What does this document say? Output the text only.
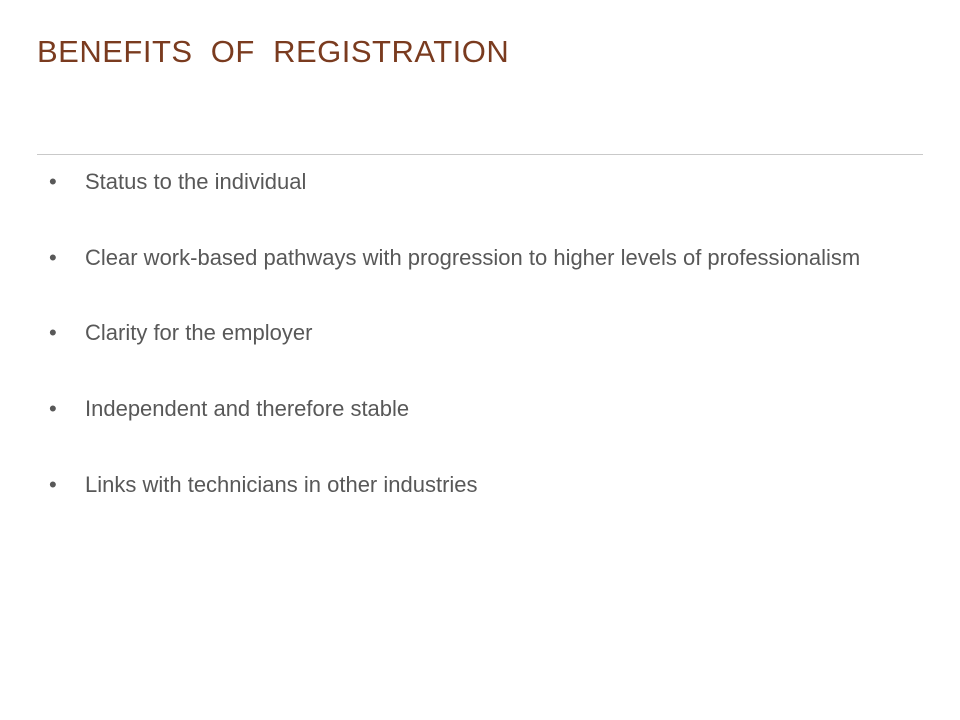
BENEFITS  OF  REGISTRATION
•	Status to the individual
•	Clear work-based pathways with progression to higher levels of professionalism
•	Clarity for the employer
•	Independent and therefore stable
•	Links with technicians in other industries
